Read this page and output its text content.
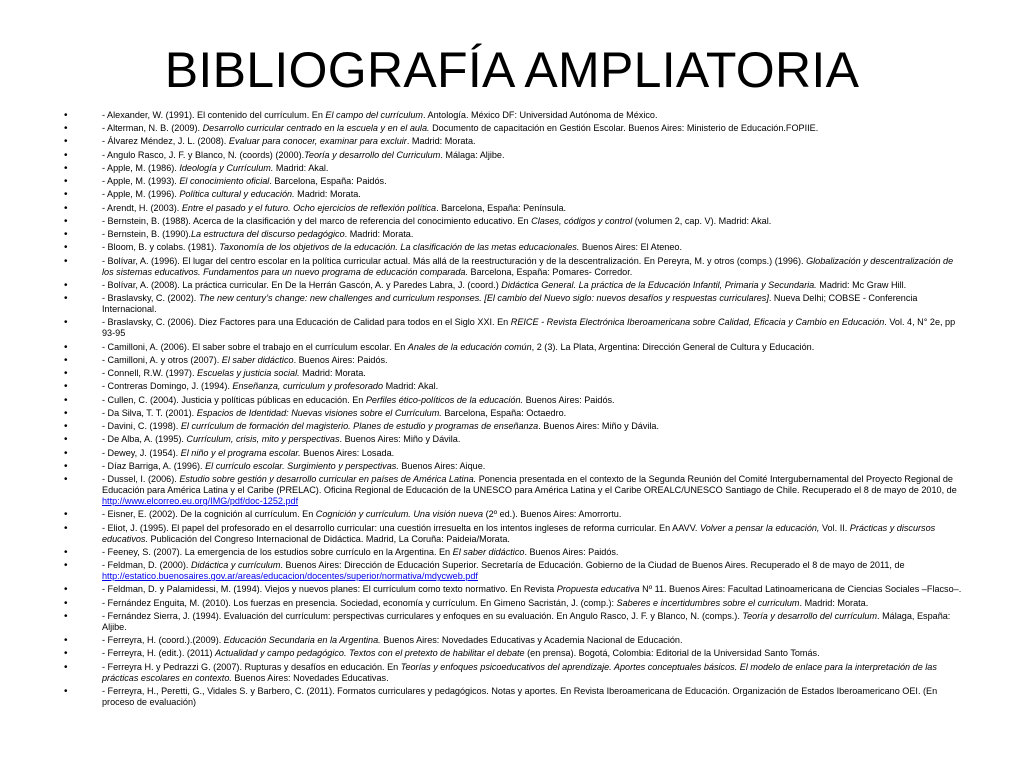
BIBLIOGRAFÍA AMPLIATORIA
• - Alexander, W. (1991). El contenido del currículum. En El campo del currículum. Antología. México DF: Universidad Autónoma de México.
• - Alterman, N. B. (2009). Desarrollo curricular centrado en la escuela y en el aula. Documento de capacitación en Gestión Escolar. Buenos Aires: Ministerio de Educación.FOPIIE.
• - Álvarez Méndez, J. L. (2008). Evaluar para conocer, examinar para excluir. Madrid: Morata.
• - Angulo Rasco, J. F. y Blanco, N. (coords) (2000).Teoría y desarrollo del Curriculum. Málaga: Aljibe.
• - Apple, M. (1986). Ideología y Currículum. Madrid: Akal.
• - Apple, M. (1993). El conocimiento oficial. Barcelona, España: Paidós.
• - Apple, M. (1996). Política cultural y educación. Madrid: Morata.
• - Arendt, H. (2003). Entre el pasado y el futuro. Ocho ejercicios de reflexión política. Barcelona, España: Península.
• - Bernstein, B. (1988). Acerca de la clasificación y del marco de referencia del conocimiento educativo. En Clases, códigos y control (volumen 2, cap. V). Madrid: Akal.
• - Bernstein, B. (1990).La estructura del discurso pedagógico. Madrid: Morata.
• - Bloom, B. y colabs. (1981). Taxonomía de los objetivos de la educación. La clasificación de las metas educacionales. Buenos Aires: El Ateneo.
• - Bolívar, A. (1996). El lugar del centro escolar en la política curricular actual. Más allá de la reestructuración y de la descentralización. En Pereyra, M. y otros (comps.) (1996). Globalización y descentralización de los sistemas educativos. Fundamentos para un nuevo programa de educación comparada. Barcelona, España: Pomares- Corredor.
• - Bolívar, A. (2008). La práctica curricular. En De la Herrán Gascón, A. y Paredes Labra, J. (coord.) Didáctica General. La práctica de la Educación Infantil, Primaria y Secundaria. Madrid: Mc Graw Hill.
• - Braslavsky, C. (2002). The new century’s change: new challenges and curriculum responses. [El cambio del Nuevo siglo: nuevos desafíos y respuestas curriculares]. Nueva Delhi; COBSE - Conferencia Internacional.
• - Braslavsky, C. (2006). Diez Factores para una Educación de Calidad para todos en el Siglo XXI. En REICE - Revista Electrónica Iberoamericana sobre Calidad, Eficacia y Cambio en Educación. Vol. 4, N° 2e, pp 93-95
• - Camilloni, A. (2006). El saber sobre el trabajo en el currículum escolar. En Anales de la educación común, 2 (3). La Plata, Argentina: Dirección General de Cultura y Educación.
• - Camilloni, A. y otros (2007). El saber didáctico. Buenos Aires: Paidós.
• - Connell, R.W. (1997). Escuelas y justicia social. Madrid: Morata.
• - Contreras Domingo, J. (1994). Enseñanza, curriculum y profesorado Madrid: Akal.
• - Cullen, C. (2004). Justicia y políticas públicas en educación. En Perfiles ético-políticos de la educación. Buenos Aires: Paidós.
• - Da Silva, T. T. (2001). Espacios de Identidad: Nuevas visiones sobre el Currículum. Barcelona, España: Octaedro.
• - Davini, C. (1998). El currículum de formación del magisterio. Planes de estudio y programas de enseñanza. Buenos Aires: Miño y Dávila.
• - De Alba, A. (1995). Currículum, crisis, mito y perspectivas. Buenos Aires: Miño y Dávila.
• - Dewey, J. (1954). El niño y el programa escolar. Buenos Aires: Losada.
• - Díaz Barriga, A. (1996). El currículo escolar. Surgimiento y perspectivas. Buenos Aires: Aique.
• - Dussel, I. (2006). Estudio sobre gestión y desarrollo curricular en países de América Latina. Ponencia presentada en el contexto de la Segunda Reunión del Comité Intergubernamental del Proyecto Regional de Educación para América Latina y el Caribe (PRELAC). Oficina Regional de Educación de la UNESCO para América Latina y el Caribe OREALC/UNESCO Santiago de Chile. Recuperado el 8 de mayo de 2010, de http://www.elcorreo.eu.org/IMG/pdf/doc-1252.pdf
• - Eisner, E. (2002). De la cognición al currículum. En Cognición y currículum. Una visión nueva (2º ed.). Buenos Aires: Amorrortu.
• - Eliot, J. (1995). El papel del profesorado en el desarrollo curricular: una cuestión irresuelta en los intentos ingleses de reforma curricular. En AAVV. Volver a pensar la educación, Vol. II. Prácticas y discursos educativos. Publicación del Congreso Internacional de Didáctica. Madrid, La Coruña: Paideia/Morata.
• - Feeney, S. (2007). La emergencia de los estudios sobre currículo en la Argentina. En El saber didáctico. Buenos Aires: Paidós.
• - Feldman, D. (2000). Didáctica y currículum. Buenos Aires: Dirección de Educación Superior. Secretaría de Educación. Gobierno de la Ciudad de Buenos Aires. Recuperado el 8 de mayo de 2011, de http://estatico.buenosaires.gov.ar/areas/educacion/docentes/superior/normativa/mdycweb.pdf
• - Feldman, D. y Palamidessi, M. (1994). Viejos y nuevos planes: El currículum como texto normativo. En Revista Propuesta educativa Nº 11. Buenos Aires: Facultad Latinoamericana de Ciencias Sociales –Flacso–.
• - Fernández Enguita, M. (2010). Los fuerzas en presencia. Sociedad, economía y currículum. En Gimeno Sacristán, J. (comp.): Saberes e incertidumbres sobre el curriculum. Madrid: Morata.
• - Fernández Sierra, J. (1994). Evaluación del currículum: perspectivas curriculares y enfoques en su evaluación. En Angulo Rasco, J. F. y Blanco, N. (comps.). Teoría y desarrollo del currículum. Málaga, España: Aljibe.
• - Ferreyra, H. (coord.).(2009). Educación Secundaria en la Argentina. Buenos Aires: Novedades Educativas y Academia Nacional de Educación.
• - Ferreyra, H. (edit.). (2011) Actualidad y campo pedagógico. Textos con el pretexto de habilitar el debate (en prensa). Bogotá, Colombia: Editorial de la Universidad Santo Tomás.
• - Ferreyra H. y Pedrazzi G. (2007). Rupturas y desafíos en educación. En Teorías y enfoques psicoeducativos del aprendizaje. Aportes conceptuales básicos. El modelo de enlace para la interpretación de las prácticas escolares en contexto. Buenos Aires: Novedades Educativas.
• - Ferreyra, H., Peretti, G., Vidales S. y Barbero, C. (2011). Formatos curriculares y pedagógicos. Notas y aportes. En Revista Iberoamericana de Educación. Organización de Estados Iberoamericano OEI. (En proceso de evaluación)
